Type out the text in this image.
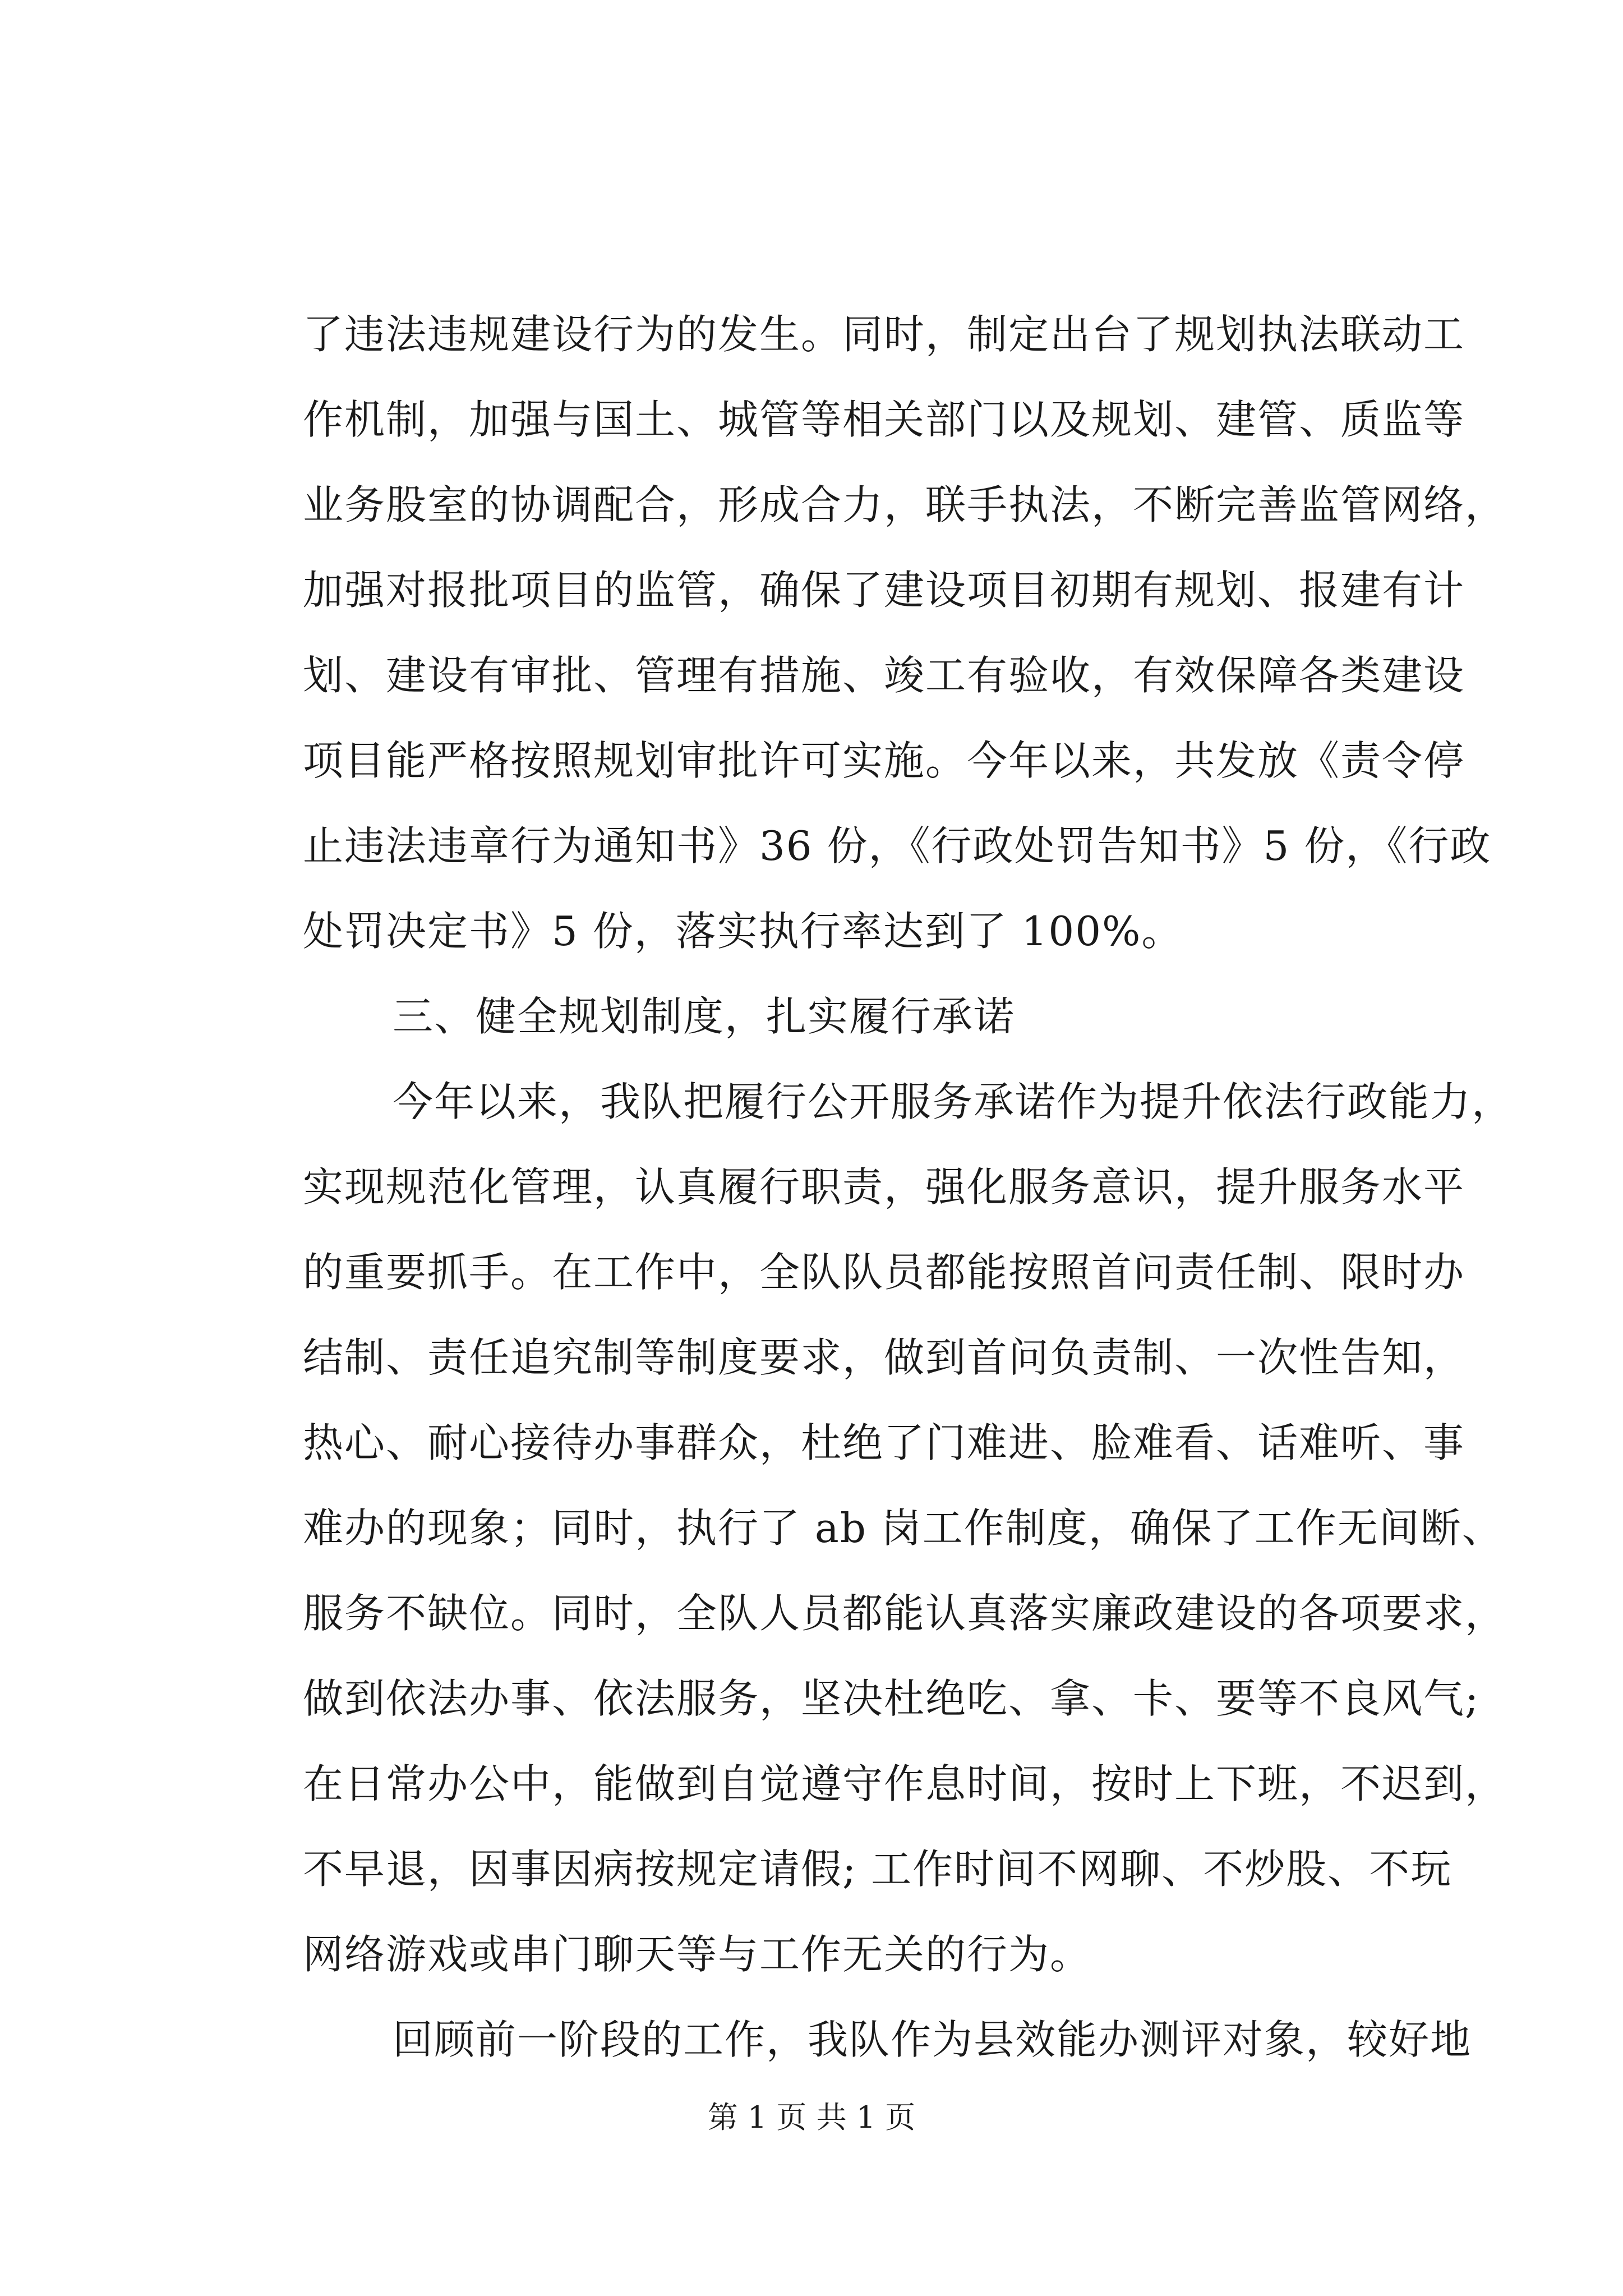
了违法违规建设行为的发生。同时，制定出台了规划执法联动工
作机制，加强与国土、城管等相关部门以及规划、建管、质监等
业务股室的协调配合，形成合力，联手执法，不断完善监管网络，
加强对报批项目的监管，确保了建设项目初期有规划、报建有计
划、建设有审批、管理有措施、竣工有验收，有效保障各类建设
项目能严格按照规划审批许可实施。今年以来，共发放《责令停
止违法违章行为通知书》36 份，《行政处罚告知书》5 份，《行政
处罚决定书》5 份，落实执行率达到了 100%。
三、健全规划制度，扎实履行承诺
今年以来，我队把履行公开服务承诺作为提升依法行政能力，
实现规范化管理，认真履行职责，强化服务意识，提升服务水平
的重要抓手。在工作中，全队队员都能按照首问责任制、限时办
结制、责任追究制等制度要求，做到首问负责制、一次性告知，
热心、耐心接待办事群众，杜绝了门难进、脸难看、话难听、事
难办的现象；同时，执行了 ab 岗工作制度，确保了工作无间断、
服务不缺位。同时，全队人员都能认真落实廉政建设的各项要求，
做到依法办事、依法服务，坚决杜绝吃、拿、卡、要等不良风气;
在日常办公中，能做到自觉遵守作息时间，按时上下班，不迟到，
不早退，因事因病按规定请假; 工作时间不网聊、不炒股、不玩
网络游戏或串门聊天等与工作无关的行为。
回顾前一阶段的工作，我队作为县效能办测评对象，较好地
第 1 页 共 1 页
